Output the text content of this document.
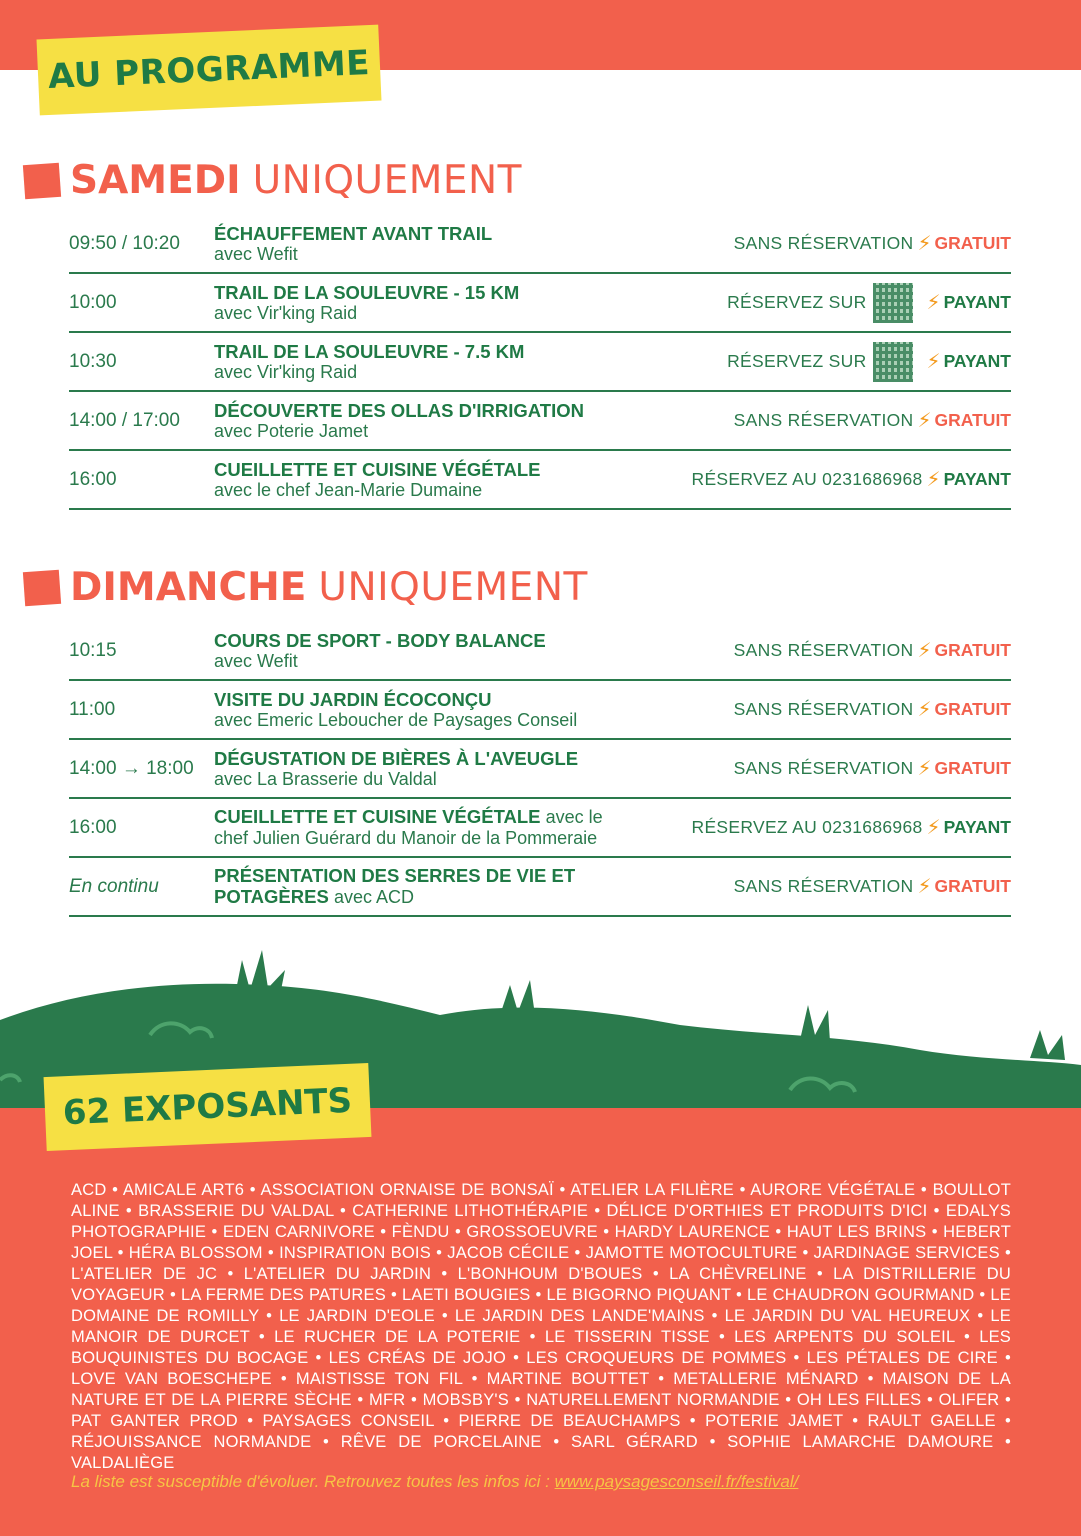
AU PROGRAMME
SAMEDI UNIQUEMENT
09:50 / 10:20	ÉCHAUFFEMENT AVANT TRAIL
avec Wefit
SANS RÉSERVATION ⚡ GRATUIT
10:00	TRAIL DE LA SOULEUVRE - 15 KM
avec Vir'king Raid
RÉSERVEZ SUR	⚡ PAYANT
10:30	TRAIL DE LA SOULEUVRE - 7.5 KM
avec Vir'king Raid
RÉSERVEZ SUR	⚡ PAYANT
14:00 / 17:00	DÉCOUVERTE DES OLLAS D'IRRIGATION
avec Poterie Jamet
SANS RÉSERVATION ⚡ GRATUIT
16:00	CUEILLETTE ET CUISINE VÉGÉTALE
avec le chef Jean-Marie Dumaine
RÉSERVEZ AU 0231686968 ⚡ PAYANT
DIMANCHE UNIQUEMENT
10:15	COURS DE SPORT - BODY BALANCE
avec Wefit
SANS RÉSERVATION ⚡ GRATUIT
11:00	VISITE DU JARDIN ÉCOCONÇU
avec Emeric Leboucher de Paysages Conseil
SANS RÉSERVATION ⚡ GRATUIT
14:00 → 18:00	DÉGUSTATION DE BIÈRES À L'AVEUGLE
avec La Brasserie du Valdal
SANS RÉSERVATION ⚡ GRATUIT
16:00	CUEILLETTE ET CUISINE VÉGÉTALE avec le
chef Julien Guérard du Manoir de la Pommeraie
RÉSERVEZ AU 0231686968 ⚡ PAYANT
En continu	PRÉSENTATION DES SERRES DE VIE ET
POTAGÈRES avec ACD
SANS RÉSERVATION ⚡ GRATUIT
62 EXPOSANTS
ACD • AMICALE ART6 • ASSOCIATION ORNAISE DE BONSAÏ • ATELIER LA FILIÈRE • AURORE VÉGÉTALE • BOULLOT ALINE • BRASSERIE DU VALDAL • CATHERINE LITHOTHÉRAPIE • DÉLICE D'ORTHIES ET PRODUITS D'ICI • EDALYS PHOTOGRAPHIE • EDEN CARNIVORE • FÈNDU • GROSSOEUVRE • HARDY LAURENCE • HAUT LES BRINS • HEBERT JOEL • HÉRA BLOSSOM • INSPIRATION BOIS • JACOB CÉCILE • JAMOTTE MOTOCULTURE • JARDINAGE SERVICES • L'ATELIER DE JC • L'ATELIER DU JARDIN • L'BONHOUM D'BOUES • LA CHÈVRELINE • LA DISTRILLERIE DU VOYAGEUR • LA FERME DES PATURES • LAETI BOUGIES • LE BIGORNO PIQUANT • LE CHAUDRON GOURMAND • LE DOMAINE DE ROMILLY • LE JARDIN D'EOLE • LE JARDIN DES LANDE'MAINS • LE JARDIN DU VAL HEUREUX • LE MANOIR DE DURCET • LE RUCHER DE LA POTERIE • LE TISSERIN TISSE • LES ARPENTS DU SOLEIL • LES BOUQUINISTES DU BOCAGE • LES CRÉAS DE JOJO • LES CROQUEURS DE POMMES • LES PÉTALES DE CIRE • LOVE VAN BOESCHEPE • MAISTISSE TON FIL • MARTINE BOUTTET • METALLERIE MÉNARD • MAISON DE LA NATURE ET DE LA PIERRE SÈCHE • MFR • MOBSBY'S • NATURELLEMENT NORMANDIE • OH LES FILLES • OLIFER • PAT GANTER PROD • PAYSAGES CONSEIL • PIERRE DE BEAUCHAMPS • POTERIE JAMET • RAULT GAELLE • RÉJOUISSANCE NORMANDE • RÊVE DE PORCELAINE • SARL GÉRARD • SOPHIE LAMARCHE DAMOURE • VALDALIÈGE
La liste est susceptible d'évoluer. Retrouvez toutes les infos ici : www.paysagesconseil.fr/festival/
